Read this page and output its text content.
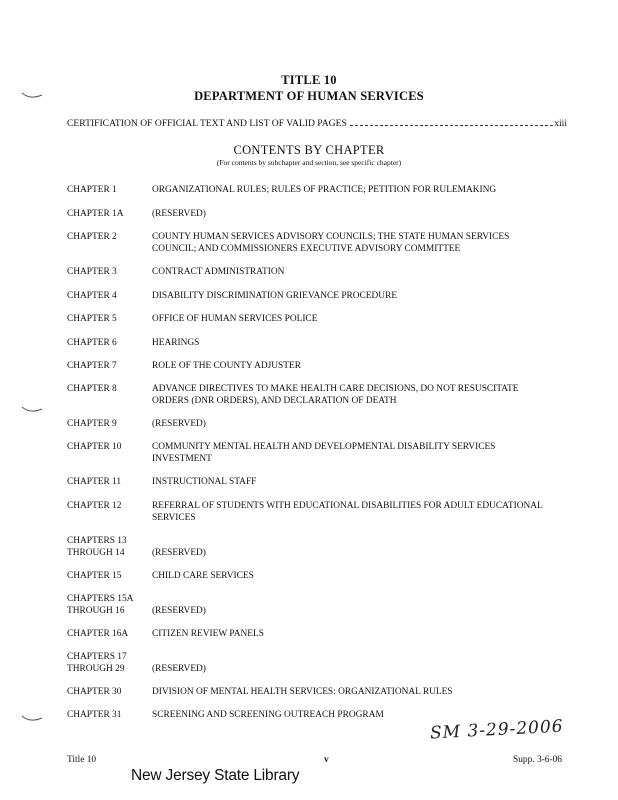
TITLE 10
DEPARTMENT OF HUMAN SERVICES
CERTIFICATION OF OFFICIAL TEXT AND LIST OF VALID PAGES	xiii
CONTENTS BY CHAPTER
(For contents by subchapter and section, see specific chapter)
CHAPTER 1	ORGANIZATIONAL RULES; RULES OF PRACTICE; PETITION FOR RULEMAKING
CHAPTER 1A	(RESERVED)
CHAPTER 2	COUNTY HUMAN SERVICES ADVISORY COUNCILS; THE STATE HUMAN SERVICES
COUNCIL; AND COMMISSIONERS EXECUTIVE ADVISORY COMMITTEE
CHAPTER 3	CONTRACT ADMINISTRATION
CHAPTER 4	DISABILITY DISCRIMINATION GRIEVANCE PROCEDURE
CHAPTER 5	OFFICE OF HUMAN SERVICES POLICE
CHAPTER 6	HEARINGS
CHAPTER 7	ROLE OF THE COUNTY ADJUSTER
CHAPTER 8	ADVANCE DIRECTIVES TO MAKE HEALTH CARE DECISIONS, DO NOT RESUSCITATE
ORDERS (DNR ORDERS), AND DECLARATION OF DEATH
CHAPTER 9	(RESERVED)
CHAPTER 10	COMMUNITY MENTAL HEALTH AND DEVELOPMENTAL DISABILITY SERVICES
INVESTMENT
CHAPTER 11	INSTRUCTIONAL STAFF
CHAPTER 12	REFERRAL OF STUDENTS WITH EDUCATIONAL DISABILITIES FOR ADULT EDUCATIONAL
SERVICES
CHAPTERS 13
THROUGH 14	(RESERVED)
CHAPTER 15	CHILD CARE SERVICES
CHAPTERS 15A
THROUGH 16	(RESERVED)
CHAPTER 16A	CITIZEN REVIEW PANELS
CHAPTERS 17
THROUGH 29	(RESERVED)
CHAPTER 30	DIVISION OF MENTAL HEALTH SERVICES: ORGANIZATIONAL RULES
CHAPTER 31	SCREENING AND SCREENING OUTREACH PROGRAM
SM 3-29-2006
Title 10	v	Supp. 3-6-06
New Jersey State Library
